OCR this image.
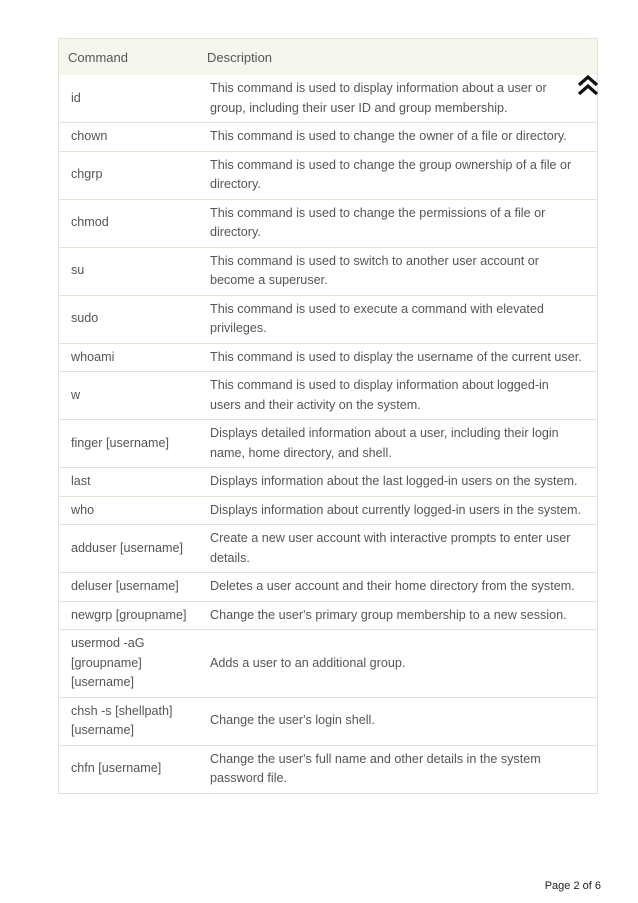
Command	Description
id	This command is used to display information about a user or group, including their user ID and group membership.
chown	This command is used to change the owner of a file or directory.
chgrp	This command is used to change the group ownership of a file or directory.
chmod	This command is used to change the permissions of a file or directory.
su	This command is used to switch to another user account or become a superuser.
sudo	This command is used to execute a command with elevated privileges.
whoami	This command is used to display the username of the current user.
w	This command is used to display information about logged-in users and their activity on the system.
finger [username]	Displays detailed information about a user, including their login name, home directory, and shell.
last	Displays information about the last logged-in users on the system.
who	Displays information about currently logged-in users in the system.
adduser [username]	Create a new user account with interactive prompts to enter user details.
deluser [username]	Deletes a user account and their home directory from the system.
newgrp [groupname]	Change the user's primary group membership to a new session.
usermod -aG [groupname] [username]	Adds a user to an additional group.
chsh -s [shellpath] [username]	Change the user's login shell.
chfn [username]	Change the user's full name and other details in the system password file.
Page 2 of 6
